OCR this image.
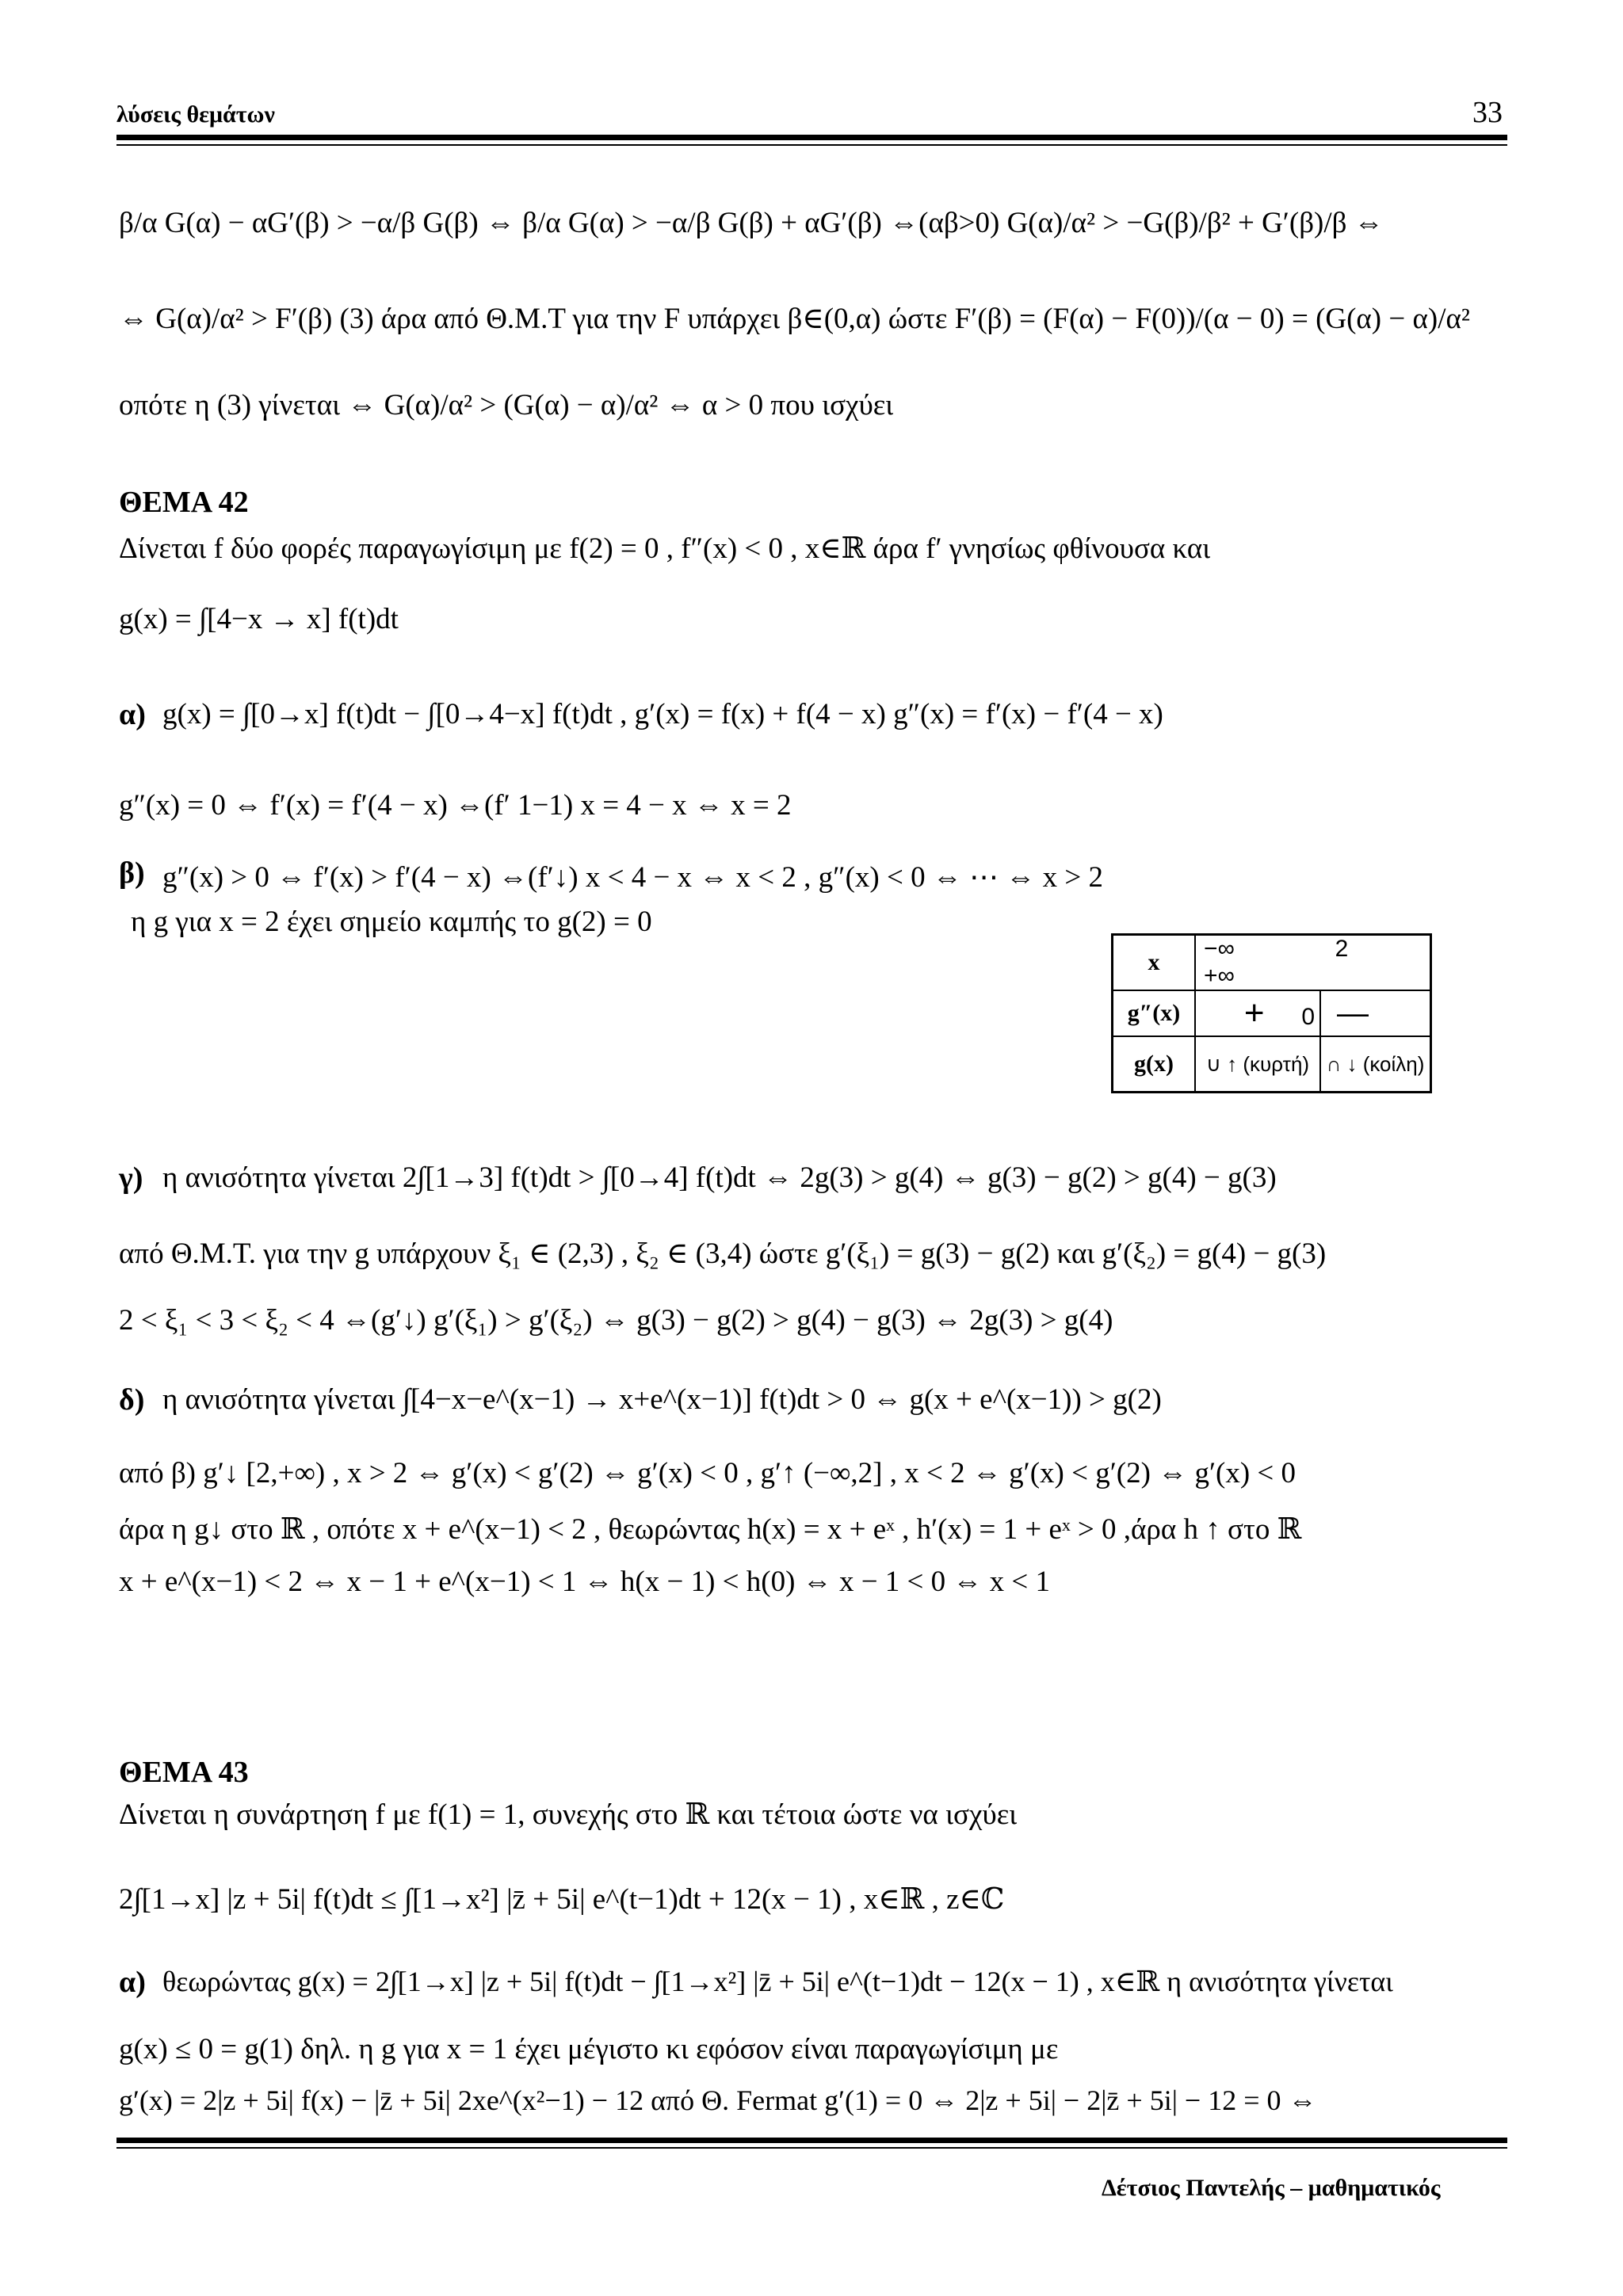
λύσεις θεμάτων	33
β/α G(α) − αG′(β) > −α/β G(β) ⇔ β/α G(α) > −α/β G(β) + αG′(β) ⇔(αβ>0) G(α)/α² > −G(β)/β² + G′(β)/β ⇔
⇔ G(α)/α² > F′(β) (3) άρα από Θ.Μ.Τ για την F υπάρχει β∈(0,α) ώστε F′(β) = (F(α) − F(0))/(α − 0) = (G(α) − α)/α²
οπότε η (3) γίνεται ⇔ G(α)/α² > (G(α) − α)/α² ⇔ α > 0 που ισχύει
ΘΕΜΑ 42
Δίνεται f δύο φορές παραγωγίσιμη με f(2) = 0 , f″(x) < 0 , x∈ℝ άρα f′ γνησίως φθίνουσα και
g(x) = ∫[4−x → x] f(t)dt
α) g(x) = ∫[0→x] f(t)dt − ∫[0→4−x] f(t)dt , g′(x) = f(x) + f(4 − x) g″(x) = f′(x) − f′(4 − x)
g″(x) = 0 ⇔ f′(x) = f′(4 − x) ⇔(f′ 1−1) x = 4 − x ⇔ x = 2
β) g″(x) > 0 ⇔ f′(x) > f′(4 − x) ⇔(f′↓) x < 4 − x ⇔ x < 2 , g″(x) < 0 ⇔ ⋯ ⇔ x > 2
η g για x = 2 έχει σημείο καμπής το g(2) = 0
x	−∞ 2  +∞	
g″(x)	+ 0	—
g(x)	∪ ↑ (κυρτή)	∩ ↓ (κοίλη)
γ) η ανισότητα γίνεται 2∫[1→3] f(t)dt > ∫[0→4] f(t)dt ⇔ 2g(3) > g(4) ⇔ g(3) − g(2) > g(4) − g(3)
από Θ.Μ.Τ. για την g υπάρχουν ξ₁ ∈ (2,3) , ξ₂ ∈ (3,4) ώστε g′(ξ₁) = g(3) − g(2) και g′(ξ₂) = g(4) − g(3)
2 < ξ₁ < 3 < ξ₂ < 4 ⇔(g′↓) g′(ξ₁) > g′(ξ₂) ⇔ g(3) − g(2) > g(4) − g(3) ⇔ 2g(3) > g(4)
δ) η ανισότητα γίνεται ∫[4−x−e^(x−1) → x+e^(x−1)] f(t)dt > 0 ⇔ g(x + e^(x−1)) > g(2)
από β) g′↓ [2,+∞) , x > 2 ⇔ g′(x) < g′(2) ⇔ g′(x) < 0 , g′↑ (−∞,2] , x < 2 ⇔ g′(x) < g′(2) ⇔ g′(x) < 0
άρα η g↓ στο ℝ , οπότε x + e^(x−1) < 2 , θεωρώντας h(x) = x + eˣ , h′(x) = 1 + eˣ > 0 ,άρα h ↑ στο ℝ
x + e^(x−1) < 2 ⇔ x − 1 + e^(x−1) < 1 ⇔ h(x − 1) < h(0) ⇔ x − 1 < 0 ⇔ x < 1
ΘΕΜΑ 43
Δίνεται η συνάρτηση f με f(1) = 1, συνεχής στο ℝ και τέτοια ώστε να ισχύει
2∫[1→x] |z + 5i| f(t)dt ≤ ∫[1→x²] |z̄ + 5i| e^(t−1)dt + 12(x − 1) , x∈ℝ , z∈ℂ
α) θεωρώντας g(x) = 2∫[1→x] |z + 5i| f(t)dt − ∫[1→x²] |z̄ + 5i| e^(t−1)dt − 12(x − 1) , x∈ℝ η ανισότητα γίνεται
g(x) ≤ 0 = g(1) δηλ. η g για x = 1 έχει μέγιστο κι εφόσον είναι παραγωγίσιμη με
g′(x) = 2|z + 5i| f(x) − |z̄ + 5i| 2xe^(x²−1) − 12 από Θ. Fermat g′(1) = 0 ⇔ 2|z + 5i| − 2|z̄ + 5i| − 12 = 0 ⇔
Δέτσιος Παντελής – μαθηματικός
